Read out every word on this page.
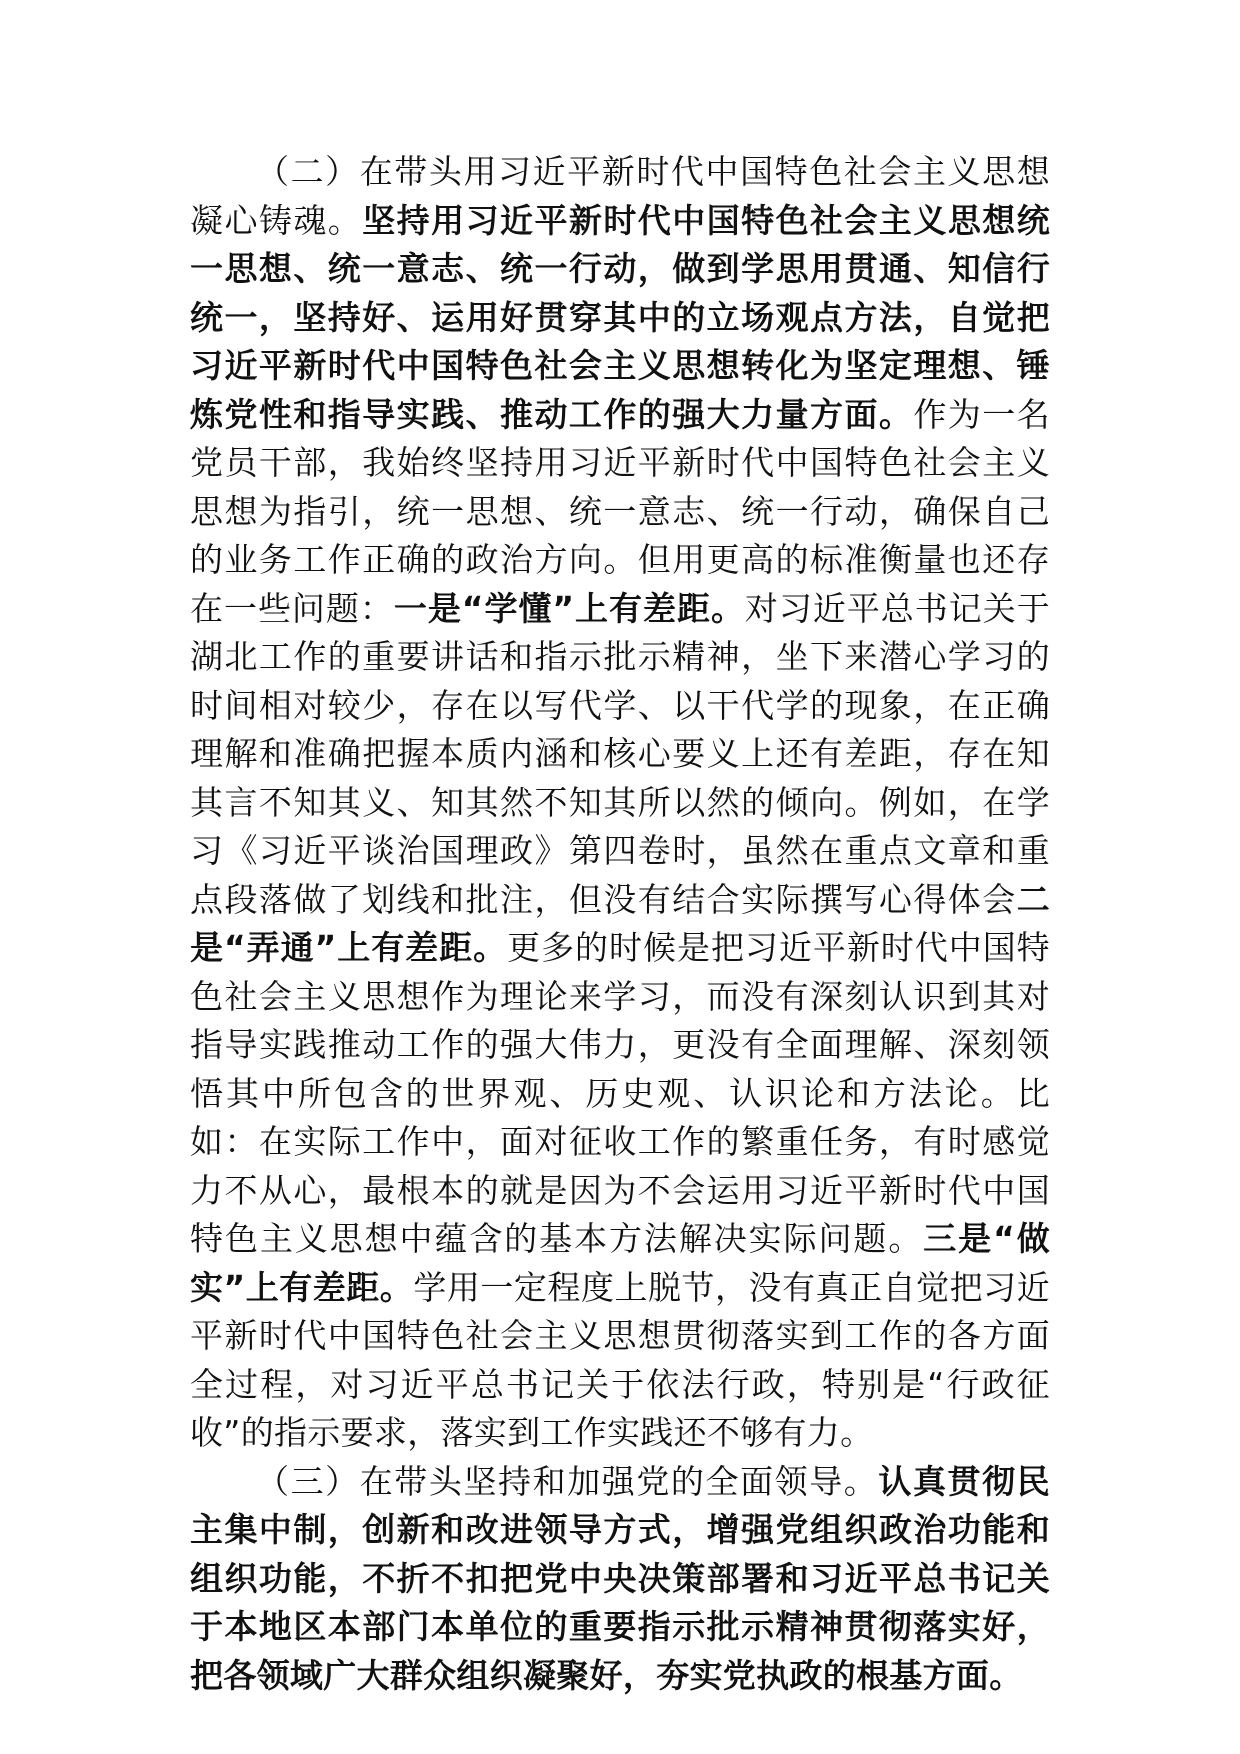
（二）在带头用习近平新时代中国特色社会主义思想凝心铸魂。坚持用习近平新时代中国特色社会主义思想统一思想、统一意志、统一行动，做到学思用贯通、知信行统一，坚持好、运用好贯穿其中的立场观点方法，自觉把习近平新时代中国特色社会主义思想转化为坚定理想、锤炼党性和指导实践、推动工作的强大力量方面。作为一名党员干部，我始终坚持用习近平新时代中国特色社会主义思想为指引，统一思想、统一意志、统一行动，确保自己的业务工作正确的政治方向。但用更高的标准衡量也还存在一些问题：一是“学懂”上有差距。对习近平总书记关于湖北工作的重要讲话和指示批示精神，坐下来潜心学习的时间相对较少，存在以写代学、以干代学的现象，在正确理解和准确把握本质内涵和核心要义上还有差距，存在知其言不知其义、知其然不知其所以然的倾向。例如，在学习《习近平谈治国理政》第四卷时，虽然在重点文章和重点段落做了划线和批注，但没有结合实际撰写心得体会二是“弄通”上有差距。更多的时候是把习近平新时代中国特色社会主义思想作为理论来学习，而没有深刻认识到其对指导实践推动工作的强大伟力，更没有全面理解、深刻领悟其中所包含的世界观、历史观、认识论和方法论。比如：在实际工作中，面对征收工作的繁重任务，有时感觉力不从心，最根本的就是因为不会运用习近平新时代中国特色主义思想中蕴含的基本方法解决实际问题。三是“做实”上有差距。学用一定程度上脱节，没有真正自觉把习近平新时代中国特色社会主义思想贯彻落实到工作的各方面全过程，对习近平总书记关于依法行政，特别是“行政征收”的指示要求，落实到工作实践还不够有力。

（三）在带头坚持和加强党的全面领导。认真贯彻民主集中制，创新和改进领导方式，增强党组织政治功能和组织功能，不折不扣把党中央决策部署和习近平总书记关于本地区本部门本单位的重要指示批示精神贯彻落实好，把各领域广大群众组织凝聚好，夯实党执政的根基方面。
